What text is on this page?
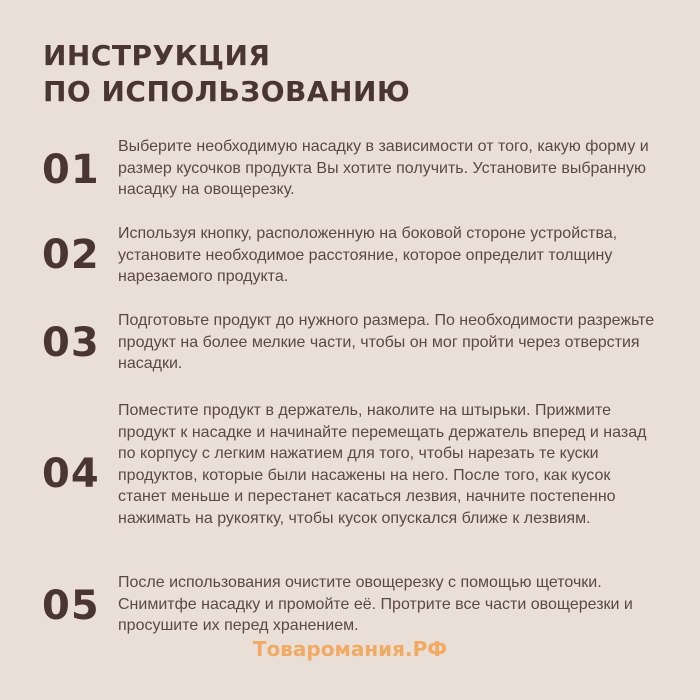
ИНСТРУКЦИЯ
ПО ИСПОЛЬЗОВАНИЮ
01
Выберите необходимую насадку в зависимости от того, какую форму и размер кусочков продукта Вы хотите получить. Установите выбранную насадку на овощерезку.
02 Используя кнопку, расположенную на боковой стороне устройства, установите необходимое расстояние, которое определит толщину нарезаемого продукта.
03 Подготовьте продукт до нужного размера. По необходимости разрежьте продукт на более мелкие части, чтобы он мог пройти через отверстия насадки.
04
Поместите продукт в держатель, наколите на штырьки. Прижмите продукт к насадке и начинайте перемещать держатель вперед и назад по корпусу с легким нажатием для того, чтобы нарезать те куски продуктов, которые были насажены на него. После того, как кусок станет меньше и перестанет касаться лезвия, начните постепенно нажимать на рукоятку, чтобы кусок опускался ближе к лезвиям.
05
После использования очистите овощерезку с помощью щеточки. Снимитфе насадку и промойте её. Протрите все части овощерезки и просушите их перед хранением.
Товаромания.РФ
